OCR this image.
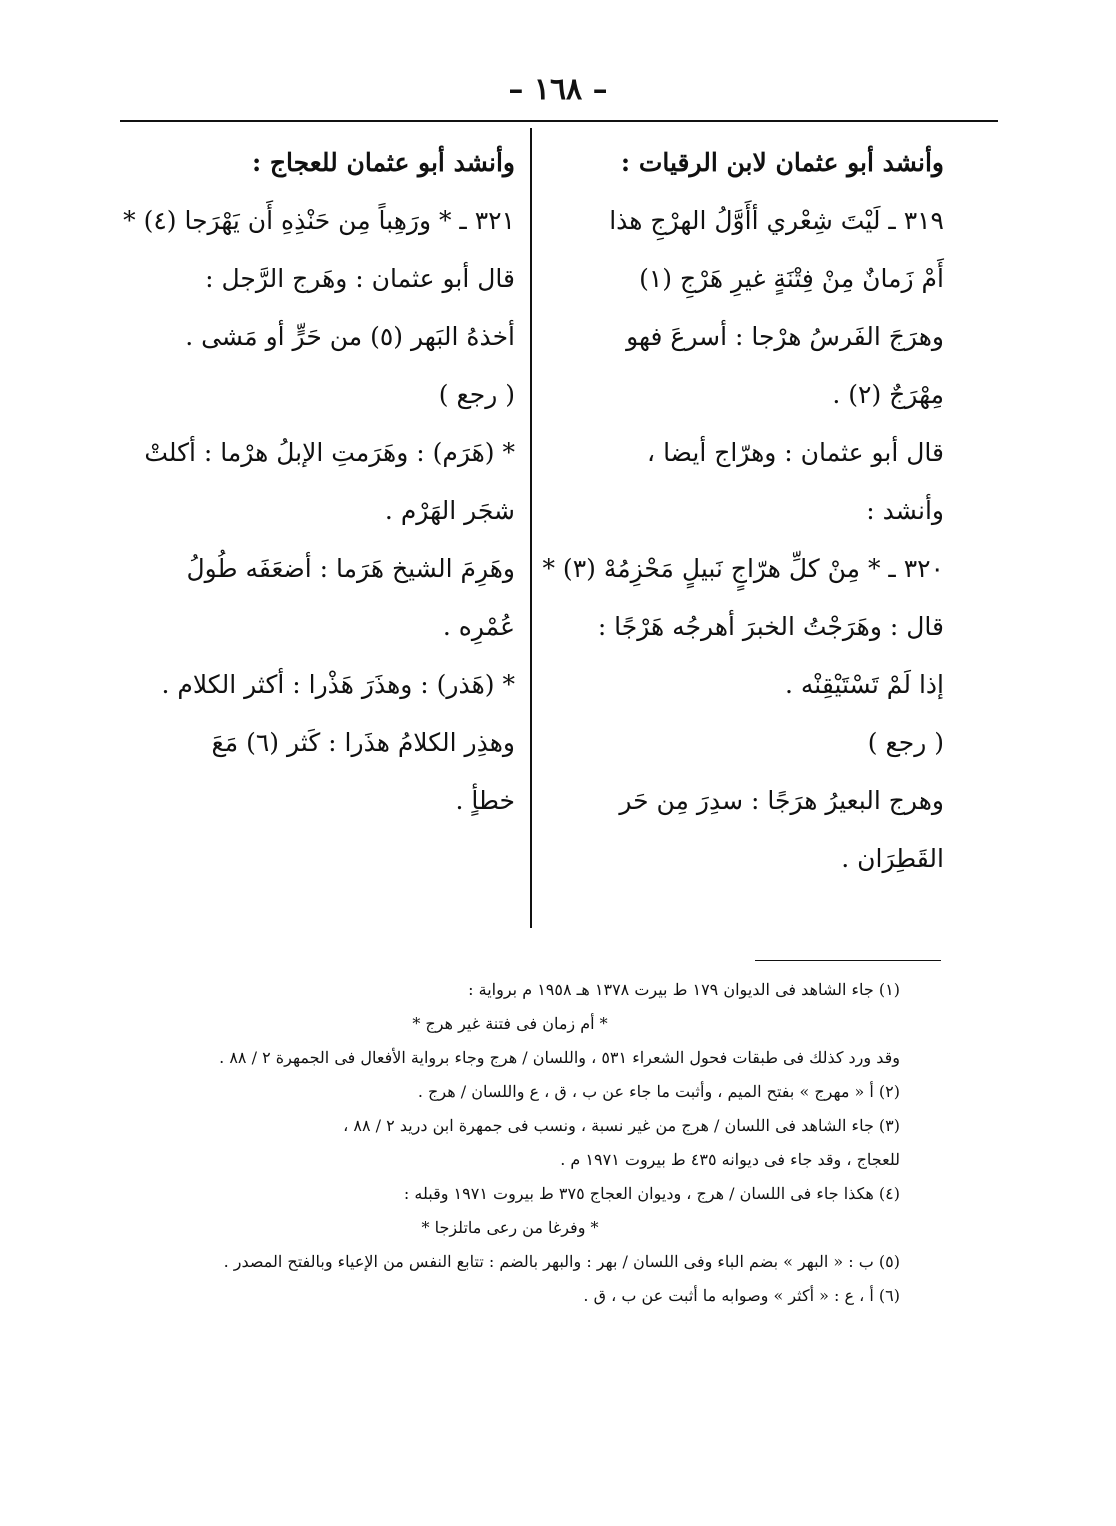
– ١٦٨ –
وأنشد أبو عثمان لابن الرقيات :
٣١٩ ـ لَيْتَ شِعْري أأَوَّلُ الهرْجِ هذا
أَمْ زَمانٌ مِنْ فِتْنَةٍ غيرِ هَرْجِ (١)
وهرَجَ الفَرسُ هرْجا : أسرعَ فهو
مِهْرَجٌ (٢) .
قال أبو عثمان : وهرّاج أيضا ،
وأنشد :
٣٢٠ ـ * مِنْ كلِّ هرّاجٍ نَبيلٍ مَحْزِمُهْ (٣) *
قال : وهَرَجْتُ الخبرَ أهرجُه هَرْجًا :
إذا لَمْ تَسْتَيْقِنْه .
( رجع )
وهرج البعيرُ هرَجًا : سدِرَ مِن حَر
القَطِرَان .
وأنشد أبو عثمان للعجاج :
٣٢١ ـ * ورَهِباً مِن حَنْذِهِ أَن يَهْرَجا (٤) *
قال أبو عثمان : وهَرج الرَّجل :
أخذهُ البَهر (٥) من حَرٍّ أو مَشى .
( رجع )
* (هَرَم) : وهَرَمتِ الإبلُ هرْما : أكلتْ
شجَر الهَرْم .
وهَرِمَ الشيخ هَرَما : أضعَفَه طُولُ
عُمْرِه .
* (هَذر) : وهذَرَ هَذْرا : أكثر الكلام .
وهذِر الكلامُ هذَرا : كَثر (٦) مَعَ
خطأٍ .
(١) جاء الشاهد فى الديوان ١٧٩ ط بيرت ١٣٧٨ هـ ١٩٥٨ م برواية :
* أم زمان فى فتنة غير هرج *
وقد ورد كذلك فى طبقات فحول الشعراء ٥٣١ ، واللسان / هرج وجاء برواية الأفعال فى الجمهرة ٢ / ٨٨ .
(٢) أ « مهرج » بفتح الميم ، وأثبت ما جاء عن ب ، ق ، ع واللسان / هرج .
(٣) جاء الشاهد فى اللسان / هرج من غير نسبة ، ونسب فى جمهرة ابن دريد ٢ / ٨٨ ،
للعجاج ، وقد جاء فى ديوانه ٤٣٥ ط بيروت ١٩٧١ م .
(٤) هكذا جاء فى اللسان / هرج ، وديوان العجاج ٣٧٥ ط بيروت ١٩٧١ وقبله :
* وفرغا من رعى ماتلزجا *
(٥) ب : « البهر » بضم الباء وفى اللسان / بهر : والبهر بالضم : تتابع النفس من الإعياء وبالفتح المصدر .
(٦) أ ، ع : « أكثر » وصوابه ما أثبت عن ب ، ق .
